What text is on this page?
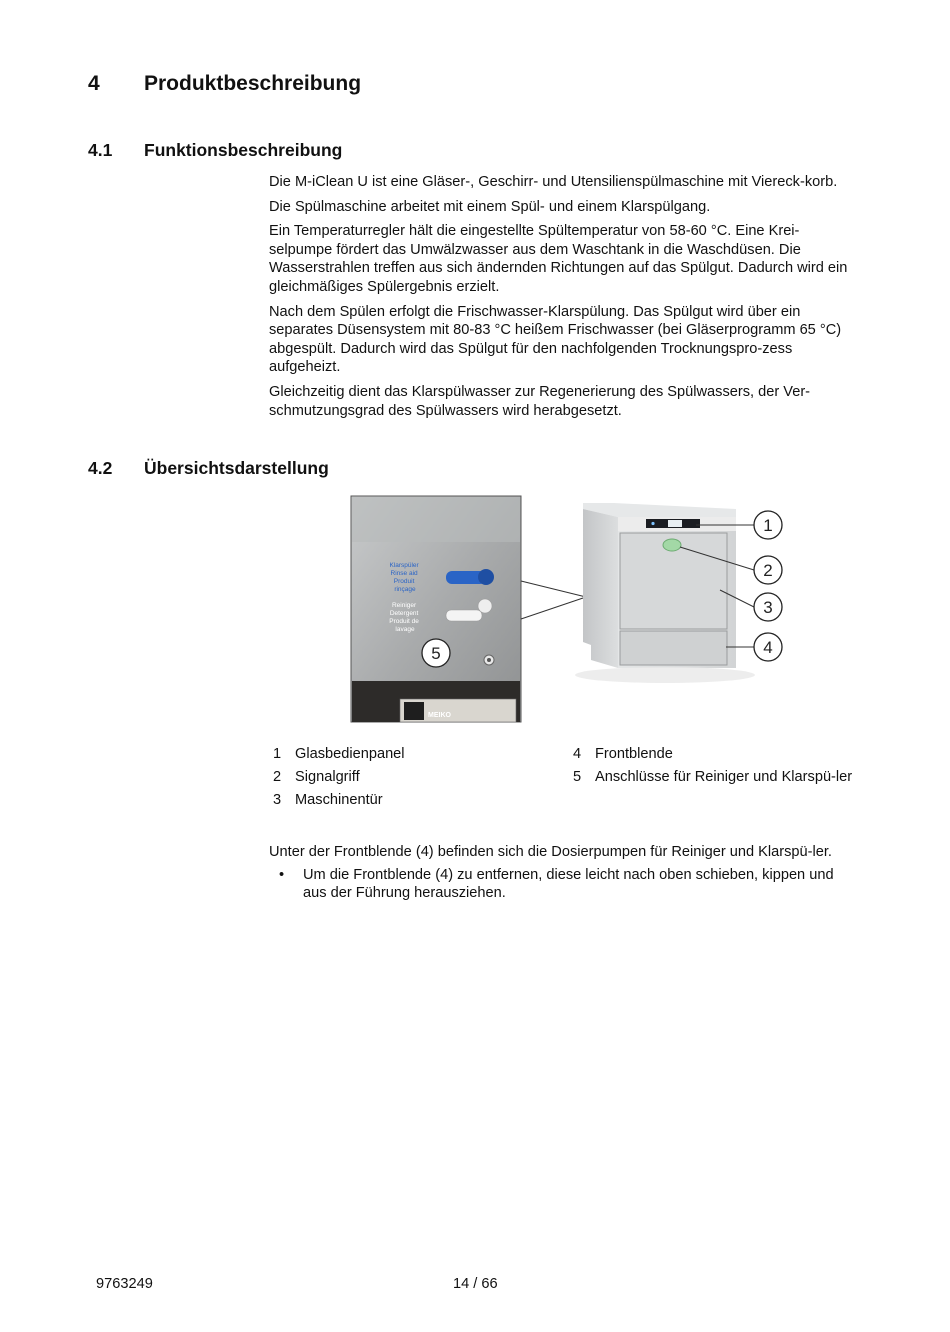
4 Produktbeschreibung
4.1 Funktionsbeschreibung

Die M-iClean U ist eine Gläser-, Geschirr- und Utensilienspülmaschine mit Viereck-korb.

Die Spülmaschine arbeitet mit einem Spül- und einem Klarspülgang.

Ein Temperaturregler hält die eingestellte Spültemperatur von 58-60 °C. Eine Krei-selpumpe fördert das Umwälzwasser aus dem Waschtank in die Waschdüsen. Die Wasserstrahlen treffen aus sich ändernden Richtungen auf das Spülgut. Dadurch wird ein gleichmäßiges Spülergebnis erzielt.

Nach dem Spülen erfolgt die Frischwasser-Klarspülung. Das Spülgut wird über ein separates Düsensystem mit 80-83 °C heißem Frischwasser (bei Gläserprogramm 65 °C) abgespült. Dadurch wird das Spülgut für den nachfolgenden Trocknungspro-zess aufgeheizt.

Gleichzeitig dient das Klarspülwasser zur Regenerierung des Spülwassers, der Ver-schmutzungsgrad des Spülwassers wird herabgesetzt.

4.2 Übersichtsdarstellung
Klarspüler Rinse aid Produit rinçage
Reiniger Detergent Produit de lavage
MEIKO
5
1
2
3
4
1 Glasbedienpanel
2 Signalgriff
3 Maschinentür
4 Frontblende
5 Anschlüsse für Reiniger und Klarspü-ler

Unter der Frontblende (4) befinden sich die Dosierpumpen für Reiniger und Klarspü-ler.

•	Um die Frontblende (4) zu entfernen, diese leicht nach oben schieben, kippen und aus der Führung herausziehen.
9763249	14 / 66
